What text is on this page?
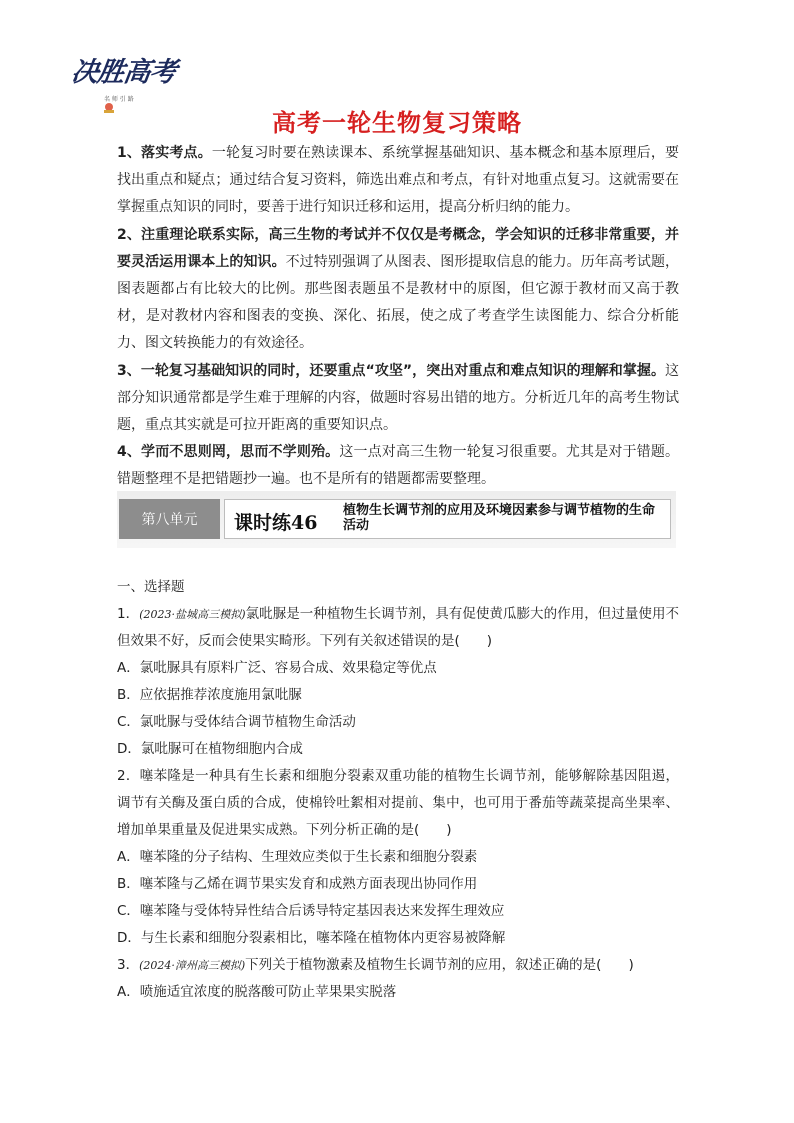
决胜高考
名 师 引 路
高考一轮生物复习策略

1、落实考点。一轮复习时要在熟读课本、系统掌握基础知识、基本概念和基本原理后，要找出重点和疑点；通过结合复习资料，筛选出难点和考点，有针对地重点复习。这就需要在掌握重点知识的同时，要善于进行知识迁移和运用，提高分析归纳的能力。

2、注重理论联系实际，高三生物的考试并不仅仅是考概念，学会知识的迁移非常重要，并要灵活运用课本上的知识。不过特别强调了从图表、图形提取信息的能力。历年高考试题，图表题都占有比较大的比例。那些图表题虽不是教材中的原图，但它源于教材而又高于教材，是对教材内容和图表的变换、深化、拓展，使之成了考查学生读图能力、综合分析能力、图文转换能力的有效途径。

3、一轮复习基础知识的同时，还要重点“攻坚”，突出对重点和难点知识的理解和掌握。这部分知识通常都是学生难于理解的内容，做题时容易出错的地方。分析近几年的高考生物试题，重点其实就是可拉开距离的重要知识点。

4、学而不思则罔，思而不学则殆。这一点对高三生物一轮复习很重要。尤其是对于错题。错题整理不是把错题抄一遍。也不是所有的错题都需要整理。

第八单元	课时练46
植物生长调节剂的应用及环境因素参与调节植物的生命活动

一、选择题

1．(2023·盐城高三模拟)氯吡脲是一种植物生长调节剂，具有促使黄瓜膨大的作用，但过量使用不但效果不好，反而会使果实畸形。下列有关叙述错误的是(　　)

A．氯吡脲具有原料广泛、容易合成、效果稳定等优点

B．应依据推荐浓度施用氯吡脲

C．氯吡脲与受体结合调节植物生命活动

D．氯吡脲可在植物细胞内合成

2．噻苯隆是一种具有生长素和细胞分裂素双重功能的植物生长调节剂，能够解除基因阻遏，调节有关酶及蛋白质的合成，使棉铃吐絮相对提前、集中，也可用于番茄等蔬菜提高坐果率、增加单果重量及促进果实成熟。下列分析正确的是(　　)

A．噻苯隆的分子结构、生理效应类似于生长素和细胞分裂素

B．噻苯隆与乙烯在调节果实发育和成熟方面表现出协同作用

C．噻苯隆与受体特异性结合后诱导特定基因表达来发挥生理效应

D．与生长素和细胞分裂素相比，噻苯隆在植物体内更容易被降解

3．(2024·漳州高三模拟)下列关于植物激素及植物生长调节剂的应用，叙述正确的是(　　)

A．喷施适宜浓度的脱落酸可防止苹果果实脱落
